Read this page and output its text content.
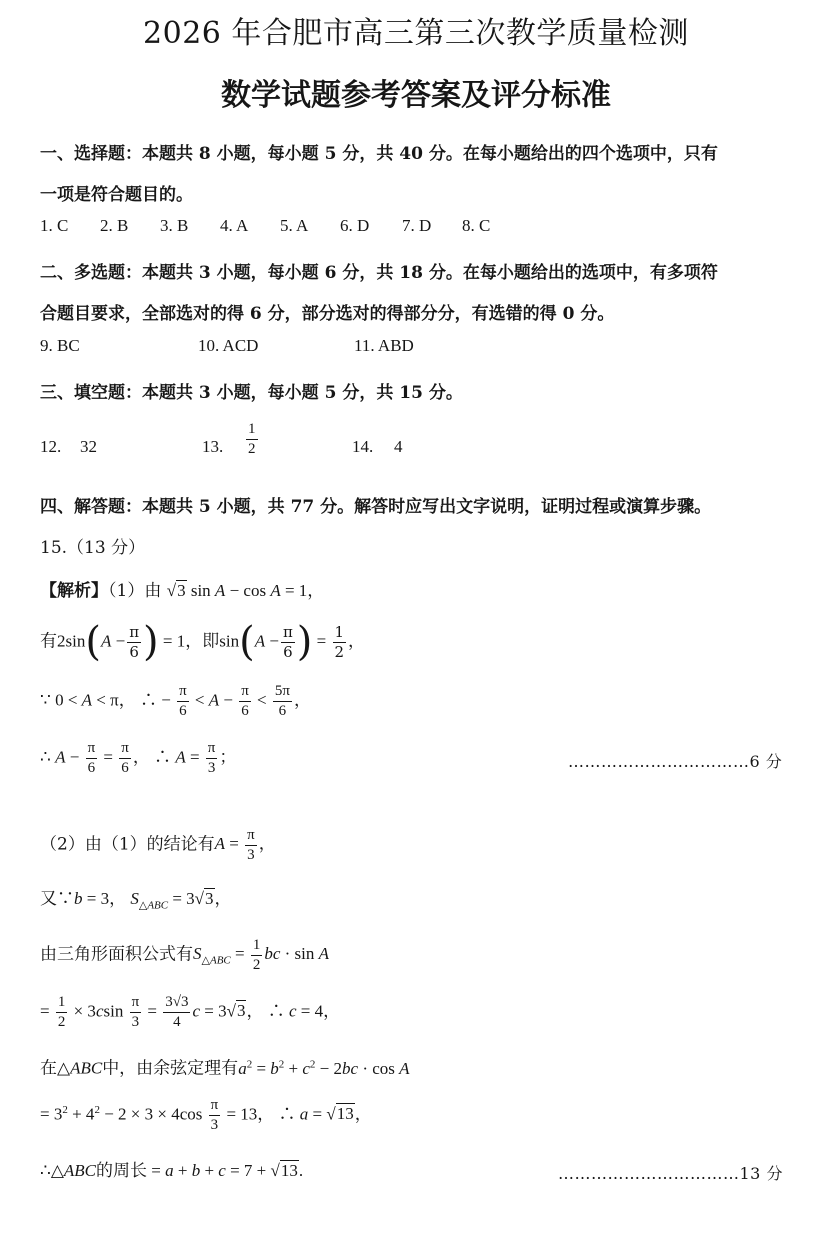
2026 年合肥市高三第三次教学质量检测
数学试题参考答案及评分标准
一、选择题：本题共 8 小题，每小题 5 分，共 40 分。在每小题给出的四个选项中，只有
一项是符合题目的。
1. C 2. B 3. B 4. A 5. A 6. D 7. D 8. C
二、多选题：本题共 3 小题，每小题 6 分，共 18 分。在每小题给出的选项中，有多项符
合题目要求，全部选对的得 6 分，部分选对的得部分分，有选错的得 0 分。
9. BC	10. ACD	11. ABD
三、填空题：本题共 3 小题，每小题 5 分，共 15 分。
12. 32	13. $\frac{1}{2}$	14. 4
四、解答题：本题共 5 小题，共 77 分。解答时应写出文字说明，证明过程或演算步骤。
15.（13 分）
【解析】（1）由 √3 sin A − cos A = 1，
有$2\sin(A - \frac{\pi}{6}$ ) = 1，即$\sin(A - \frac{\pi}{6}$ ) = $\frac{1}{2}$ ，
∵ 0 < A < π， ∴ − $\frac{\pi}{6} < A - \frac{\pi}{6} < \frac{5\pi}{6}$ ，
∴ $A - \frac{\pi}{6} = \frac{\pi}{6}$ ， ∴ $A = \frac{\pi}{3}$ ；	……………………………6 分
（2）由（1）的结论有$A = \frac{\pi}{3}$ ，
又∵b = 3， $S_{\triangle ABC} = 3√3$，
由三角形面积公式有$S_{\triangle ABC} = \frac{1}{2}$ bc · sin A
= $\frac{1}{2} \times 3csin \frac{\pi}{3} = \frac{3√3}{4}$ c = 3√3， ∴ c = 4，
在△ABC中，由余弦定理有$a^2 = b^2 + c^2 - 2bc \cdot \cos A$
= $3^2 + 4^2 - 2 \times 3 \times 4\cos \frac{\pi}{3} = 13$， ∴ a = √13，
∴△ABC的周长 = a + b + c = 7 + √13.	……………………………13 分
